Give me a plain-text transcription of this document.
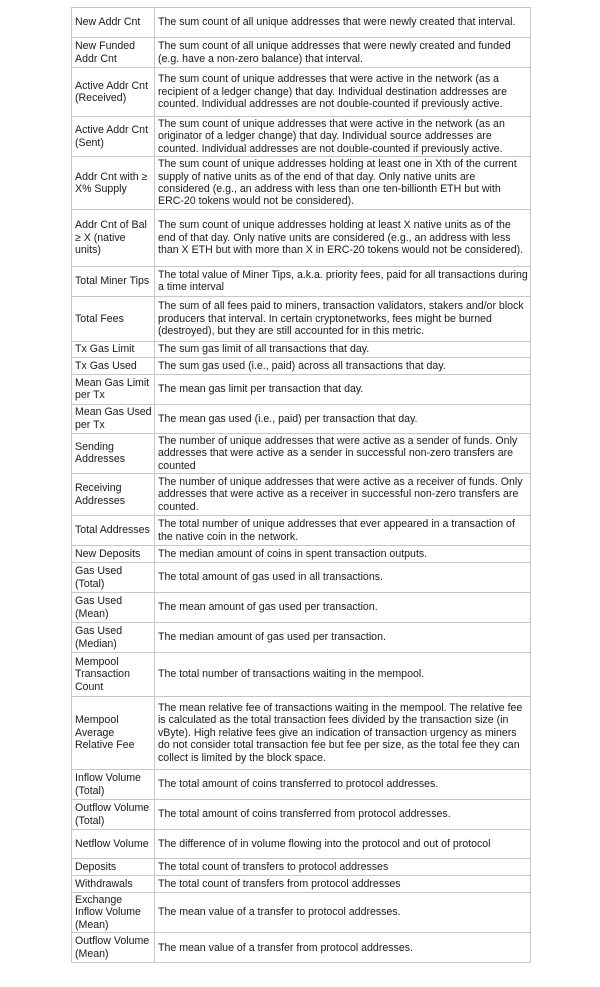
New Addr Cnt	The sum count of all unique addresses that were newly created that interval.
New Funded Addr Cnt	The sum count of all unique addresses that were newly created and funded (e.g. have a non-zero balance) that interval.
Active Addr Cnt (Received)	The sum count of unique addresses that were active in the network (as a recipient of a ledger change) that day. Individual destination addresses are counted. Individual addresses are not double-counted if previously active.
Active Addr Cnt (Sent)	The sum count of unique addresses that were active in the network (as an originator of a ledger change) that day. Individual source addresses are counted. Individual addresses are not double-counted if previously active.
Addr Cnt with ≥ X% Supply	The sum count of unique addresses holding at least one in Xth of the current supply of native units as of the end of that day. Only native units are considered (e.g., an address with less than one ten-billionth ETH but with ERC-20 tokens would not be considered).
Addr Cnt of Bal ≥ X (native units)	The sum count of unique addresses holding at least X native units as of the end of that day. Only native units are considered (e.g., an address with less than X ETH but with more than X in ERC-20 tokens would not be considered).
Total Miner Tips	The total value of Miner Tips, a.k.a. priority fees, paid for all transactions during a time interval
Total Fees	The sum of all fees paid to miners, transaction validators, stakers and/or block producers that interval. In certain cryptonetworks, fees might be burned (destroyed), but they are still accounted for in this metric.
Tx Gas Limit	The sum gas limit of all transactions that day.
Tx Gas Used	The sum gas used (i.e., paid) across all transactions that day.
Mean Gas Limit per Tx	The mean gas limit per transaction that day.
Mean Gas Used per Tx	The mean gas used (i.e., paid) per transaction that day.
Sending Addresses	The number of unique addresses that were active as a sender of funds. Only addresses that were active as a sender in successful non-zero transfers are counted
Receiving Addresses	The number of unique addresses that were active as a receiver of funds. Only addresses that were active as a receiver in successful non-zero transfers are counted.
Total Addresses	The total number of unique addresses that ever appeared in a transaction of the native coin in the network.
New Deposits	The median amount of coins in spent transaction outputs.
Gas Used (Total)	The total amount of gas used in all transactions.
Gas Used (Mean)	The mean amount of gas used per transaction.
Gas Used (Median)	The median amount of gas used per transaction.
Mempool Transaction Count	The total number of transactions waiting in the mempool.
Mempool Average Relative Fee	The mean relative fee of transactions waiting in the mempool. The relative fee is calculated as the total transaction fees divided by the transaction size (in vByte). High relative fees give an indication of transaction urgency as miners do not consider total transaction fee but fee per size, as the total fee they can collect is limited by the block space.
Inflow Volume (Total)	The total amount of coins transferred to protocol addresses.
Outflow Volume (Total)	The total amount of coins transferred from protocol addresses.
Netflow Volume	The difference of in volume flowing into the protocol and out of protocol
Deposits	The total count of transfers to protocol addresses
Withdrawals	The total count of transfers from protocol addresses
Exchange Inflow Volume (Mean)	The mean value of a transfer to protocol addresses.
Outflow Volume (Mean)	The mean value of a transfer from protocol addresses.
